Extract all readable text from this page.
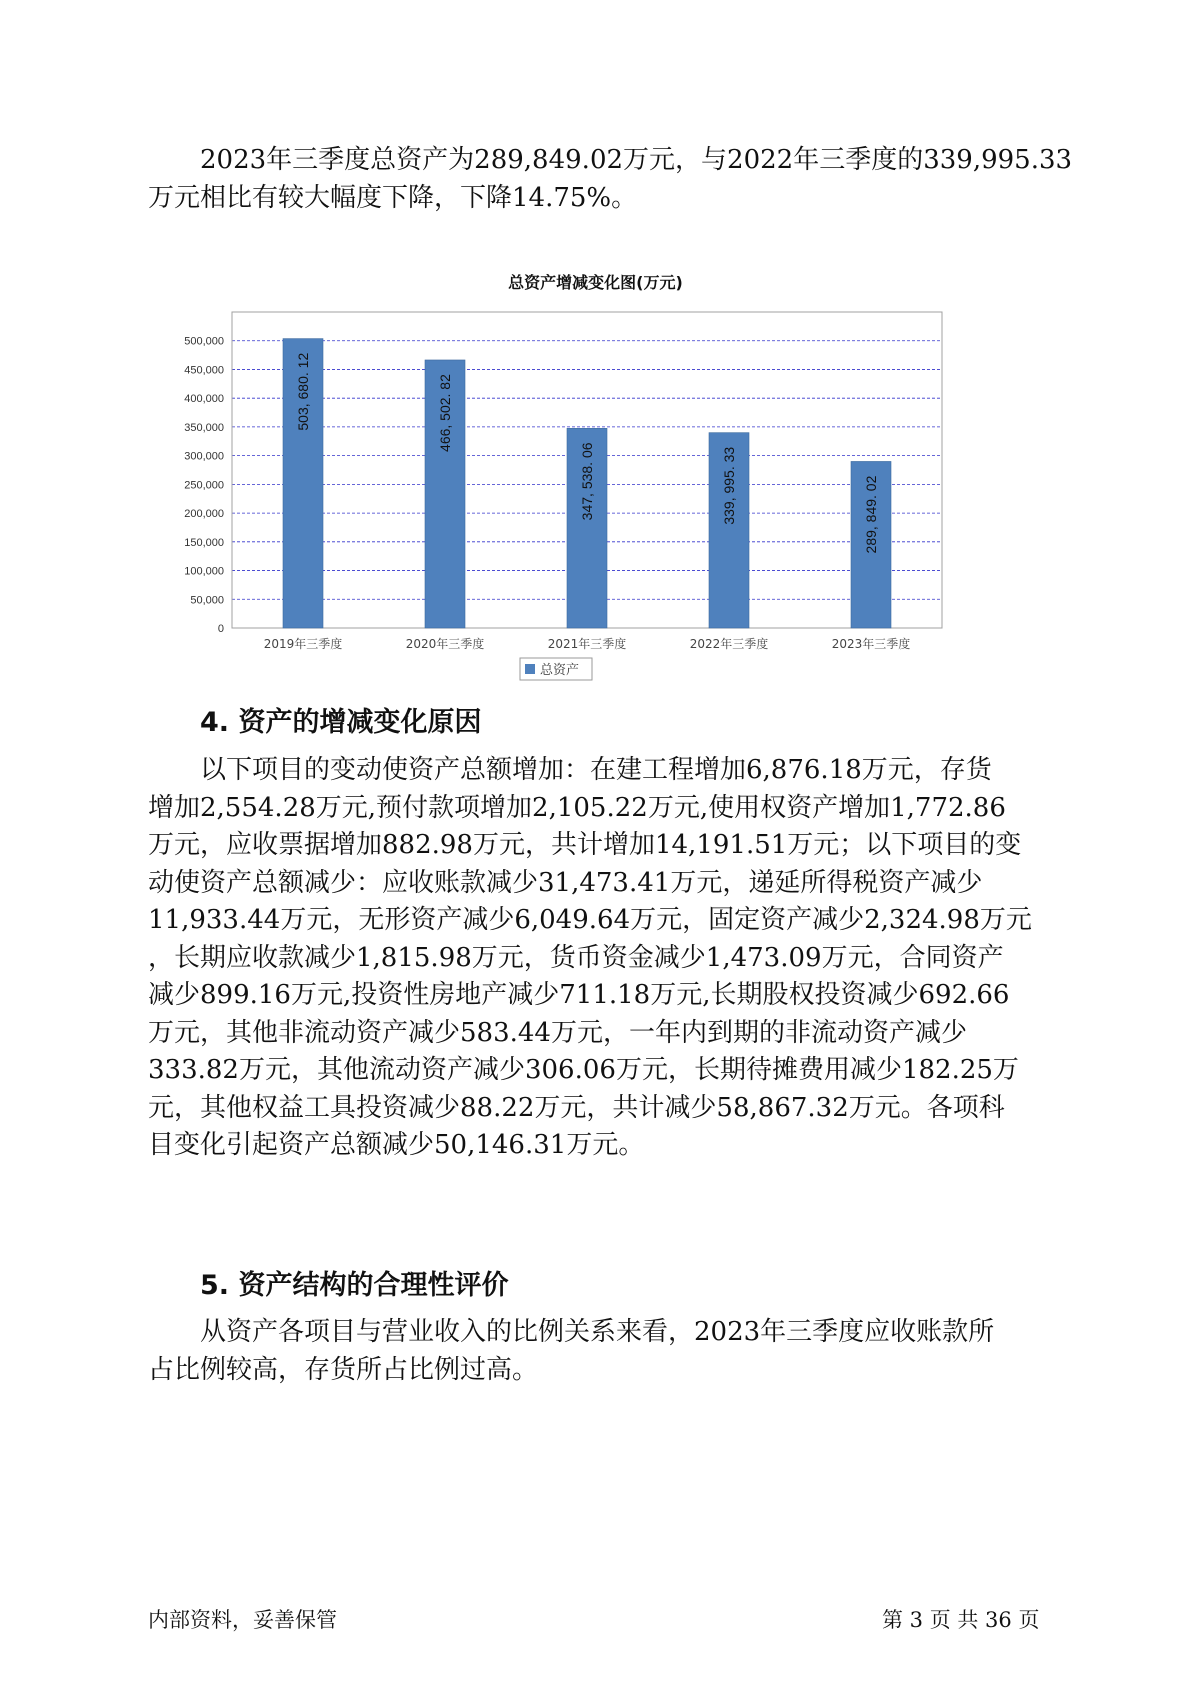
2023年三季度总资产为289,849.02万元，与2022年三季度的339,995.33
万元相比有较大幅度下降，下降14.75%。

总资产增减变化图(万元)

0
50,000
100,000
150,000
200,000
250,000
300,000
350,000
400,000
450,000
500,000
503, 680. 12	466, 502. 82
347, 538. 06	339, 995. 33	289, 849. 02
2019年三季度	2020年三季度	2021年三季度	2022年三季度	2023年三季度
总资产
4. 资产的增减变化原因
以下项目的变动使资产总额增加：在建工程增加6,876.18万元，存货
增加2,554.28万元,预付款项增加2,105.22万元,使用权资产增加1,772.86
万元，应收票据增加882.98万元，共计增加14,191.51万元；以下项目的变
动使资产总额减少：应收账款减少31,473.41万元，递延所得税资产减少
11,933.44万元，无形资产减少6,049.64万元，固定资产减少2,324.98万元
，长期应收款减少1,815.98万元，货币资金减少1,473.09万元，合同资产
减少899.16万元,投资性房地产减少711.18万元,长期股权投资减少692.66
万元，其他非流动资产减少583.44万元，一年内到期的非流动资产减少
333.82万元，其他流动资产减少306.06万元，长期待摊费用减少182.25万
元，其他权益工具投资减少88.22万元，共计减少58,867.32万元。各项科
目变化引起资产总额减少50,146.31万元。
5. 资产结构的合理性评价
从资产各项目与营业收入的比例关系来看，2023年三季度应收账款所
占比例较高，存货所占比例过高。

内部资料，妥善保管	第 3 页 共 36 页
